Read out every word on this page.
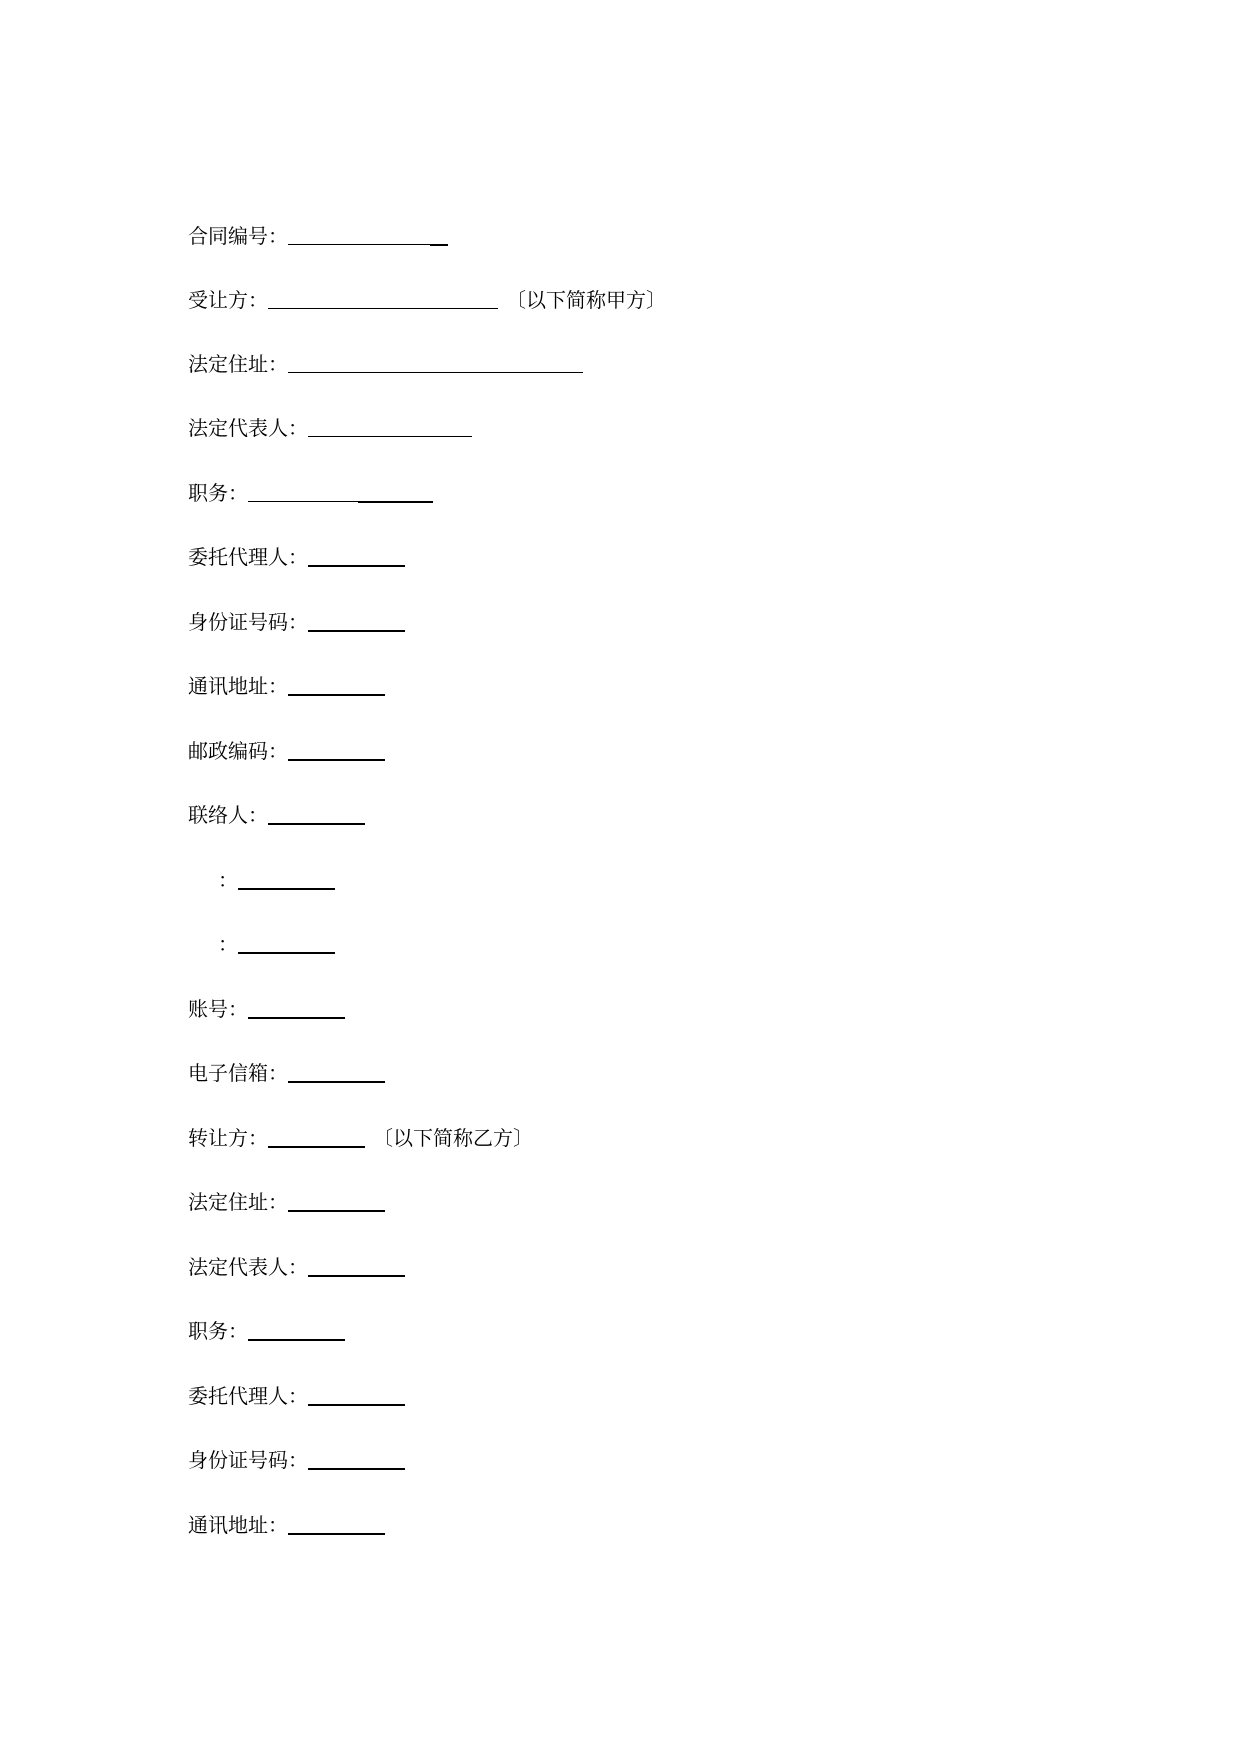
合同编号：
受让方：	〔以下简称甲方〕
法定住址：
法定代表人：
职务：
委托代理人：
身份证号码：
通讯地址：
邮政编码：
联络人：
：
：
账号：
电子信箱：
转让方：	〔以下简称乙方〕
法定住址：
法定代表人：
职务：
委托代理人：
身份证号码：
通讯地址：
